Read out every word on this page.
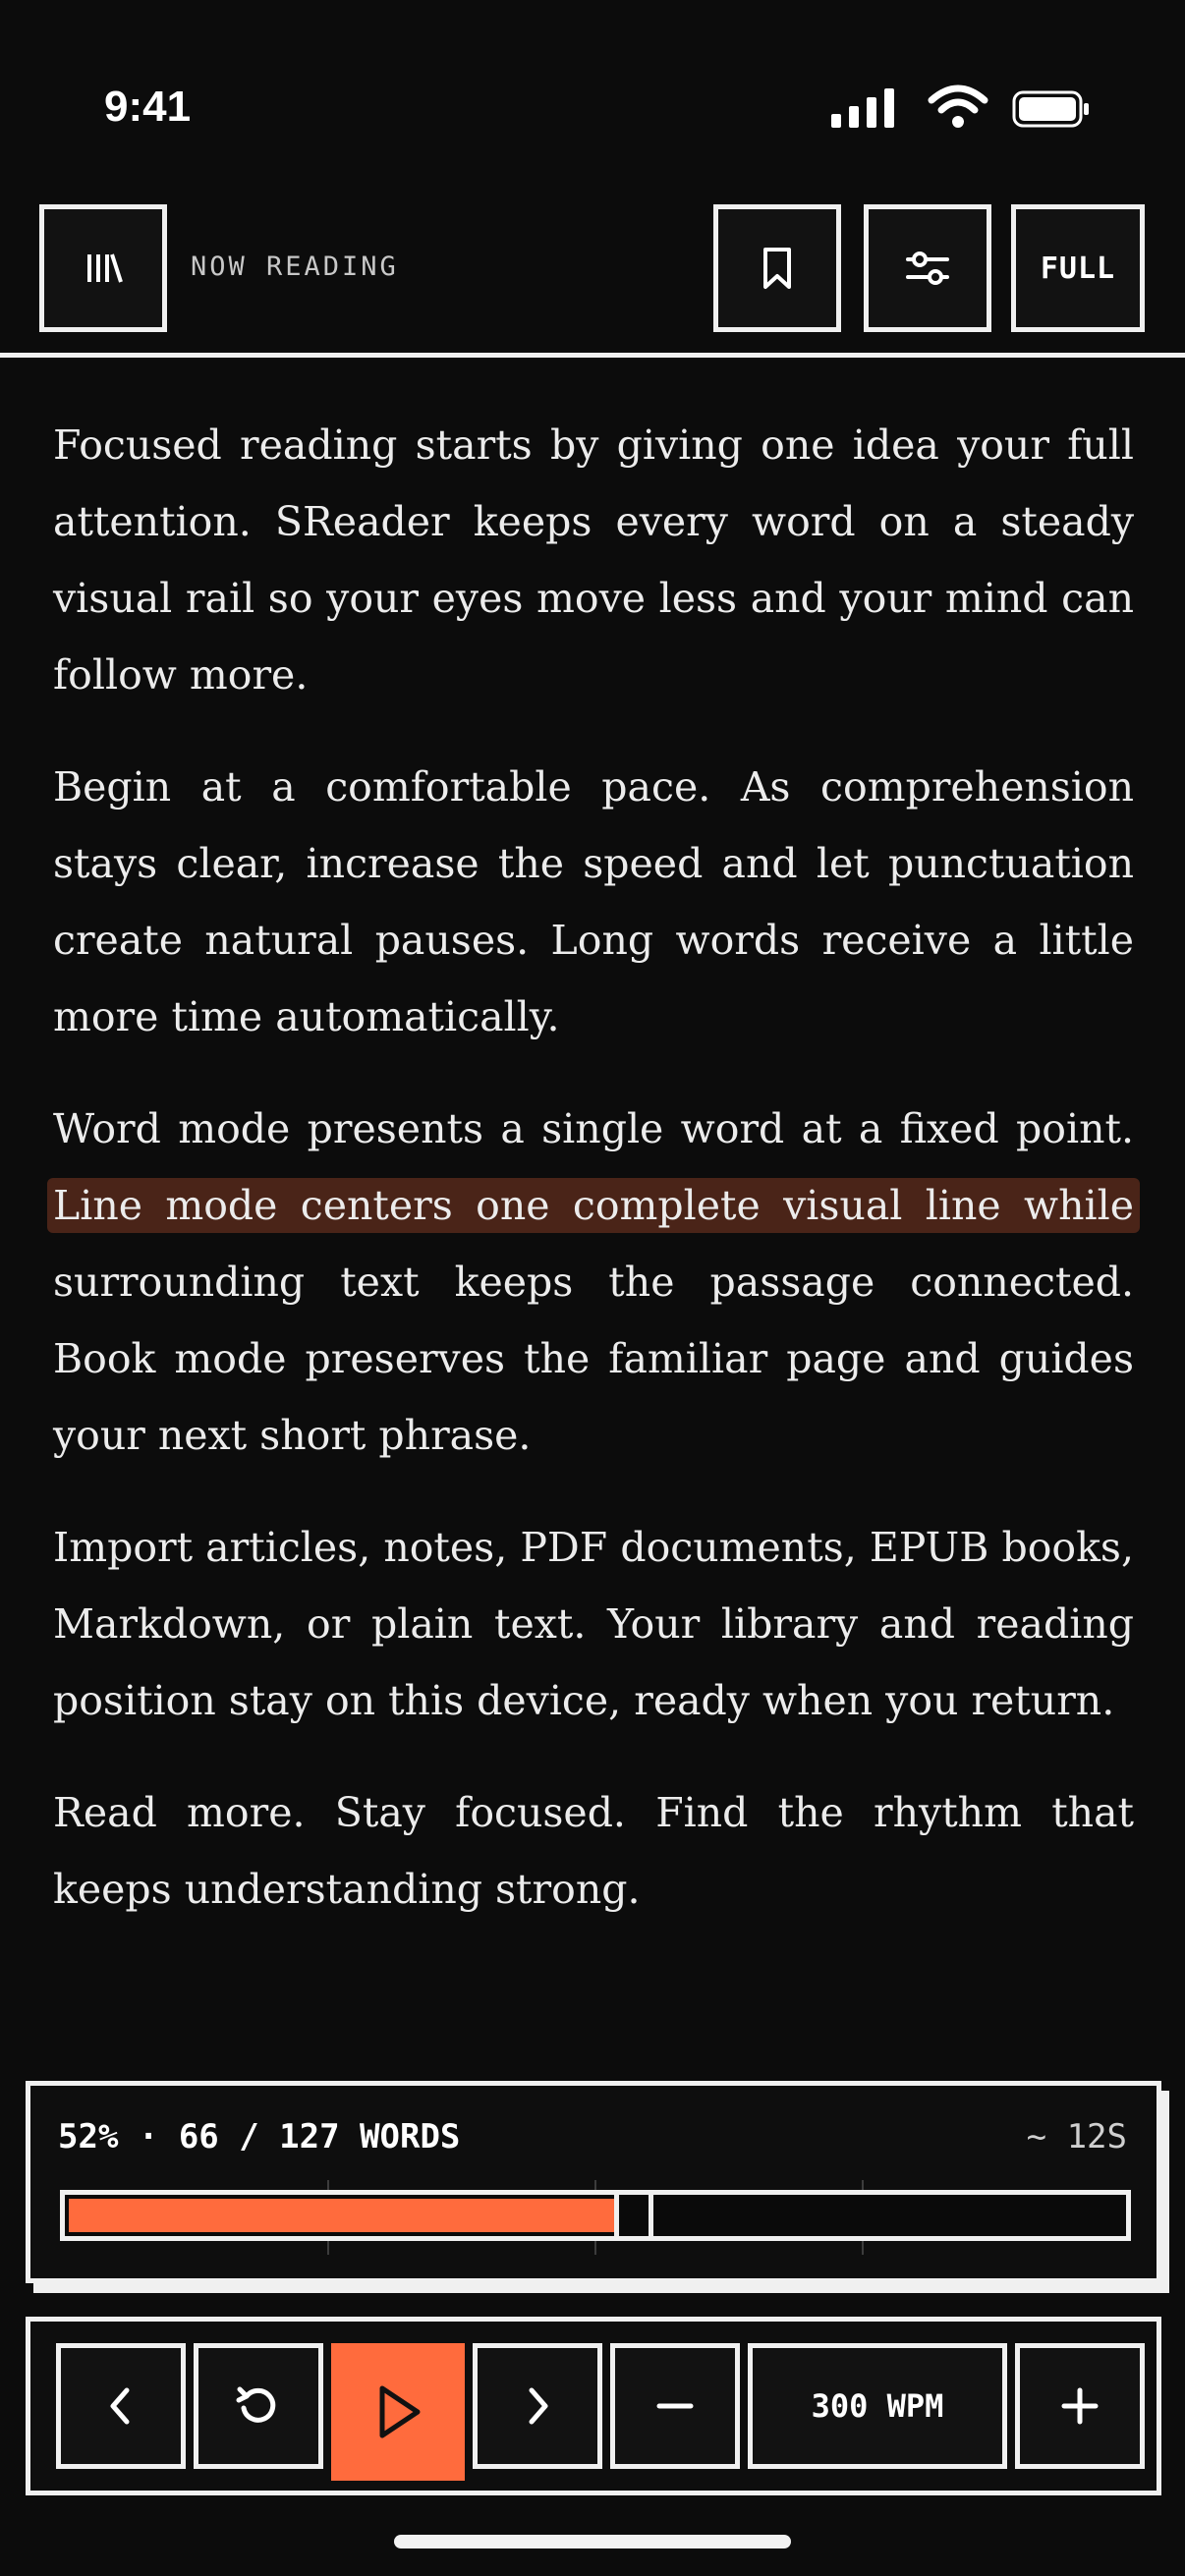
9:41
NOW READING	FULL

Focused reading starts by giving one idea your full attention. SReader keeps every word on a steady visual rail so your eyes move less and your mind can follow more.

Begin at a comfortable pace. As comprehension stays clear, increase the speed and let punctuation create natural pauses. Long words receive a little more time automatically.

Word mode presents a single word at a fixed point. Line mode centers one complete visual line while surrounding text keeps the passage connected. Book mode preserves the familiar page and guides your next short phrase.

Import articles, notes, PDF documents, EPUB books, Markdown, or plain text. Your library and reading position stay on this device, ready when you return.

Read more. Stay focused. Find the rhythm that keeps understanding strong.

52% · 66 / 127 WORDS	~ 12S
300 WPM
